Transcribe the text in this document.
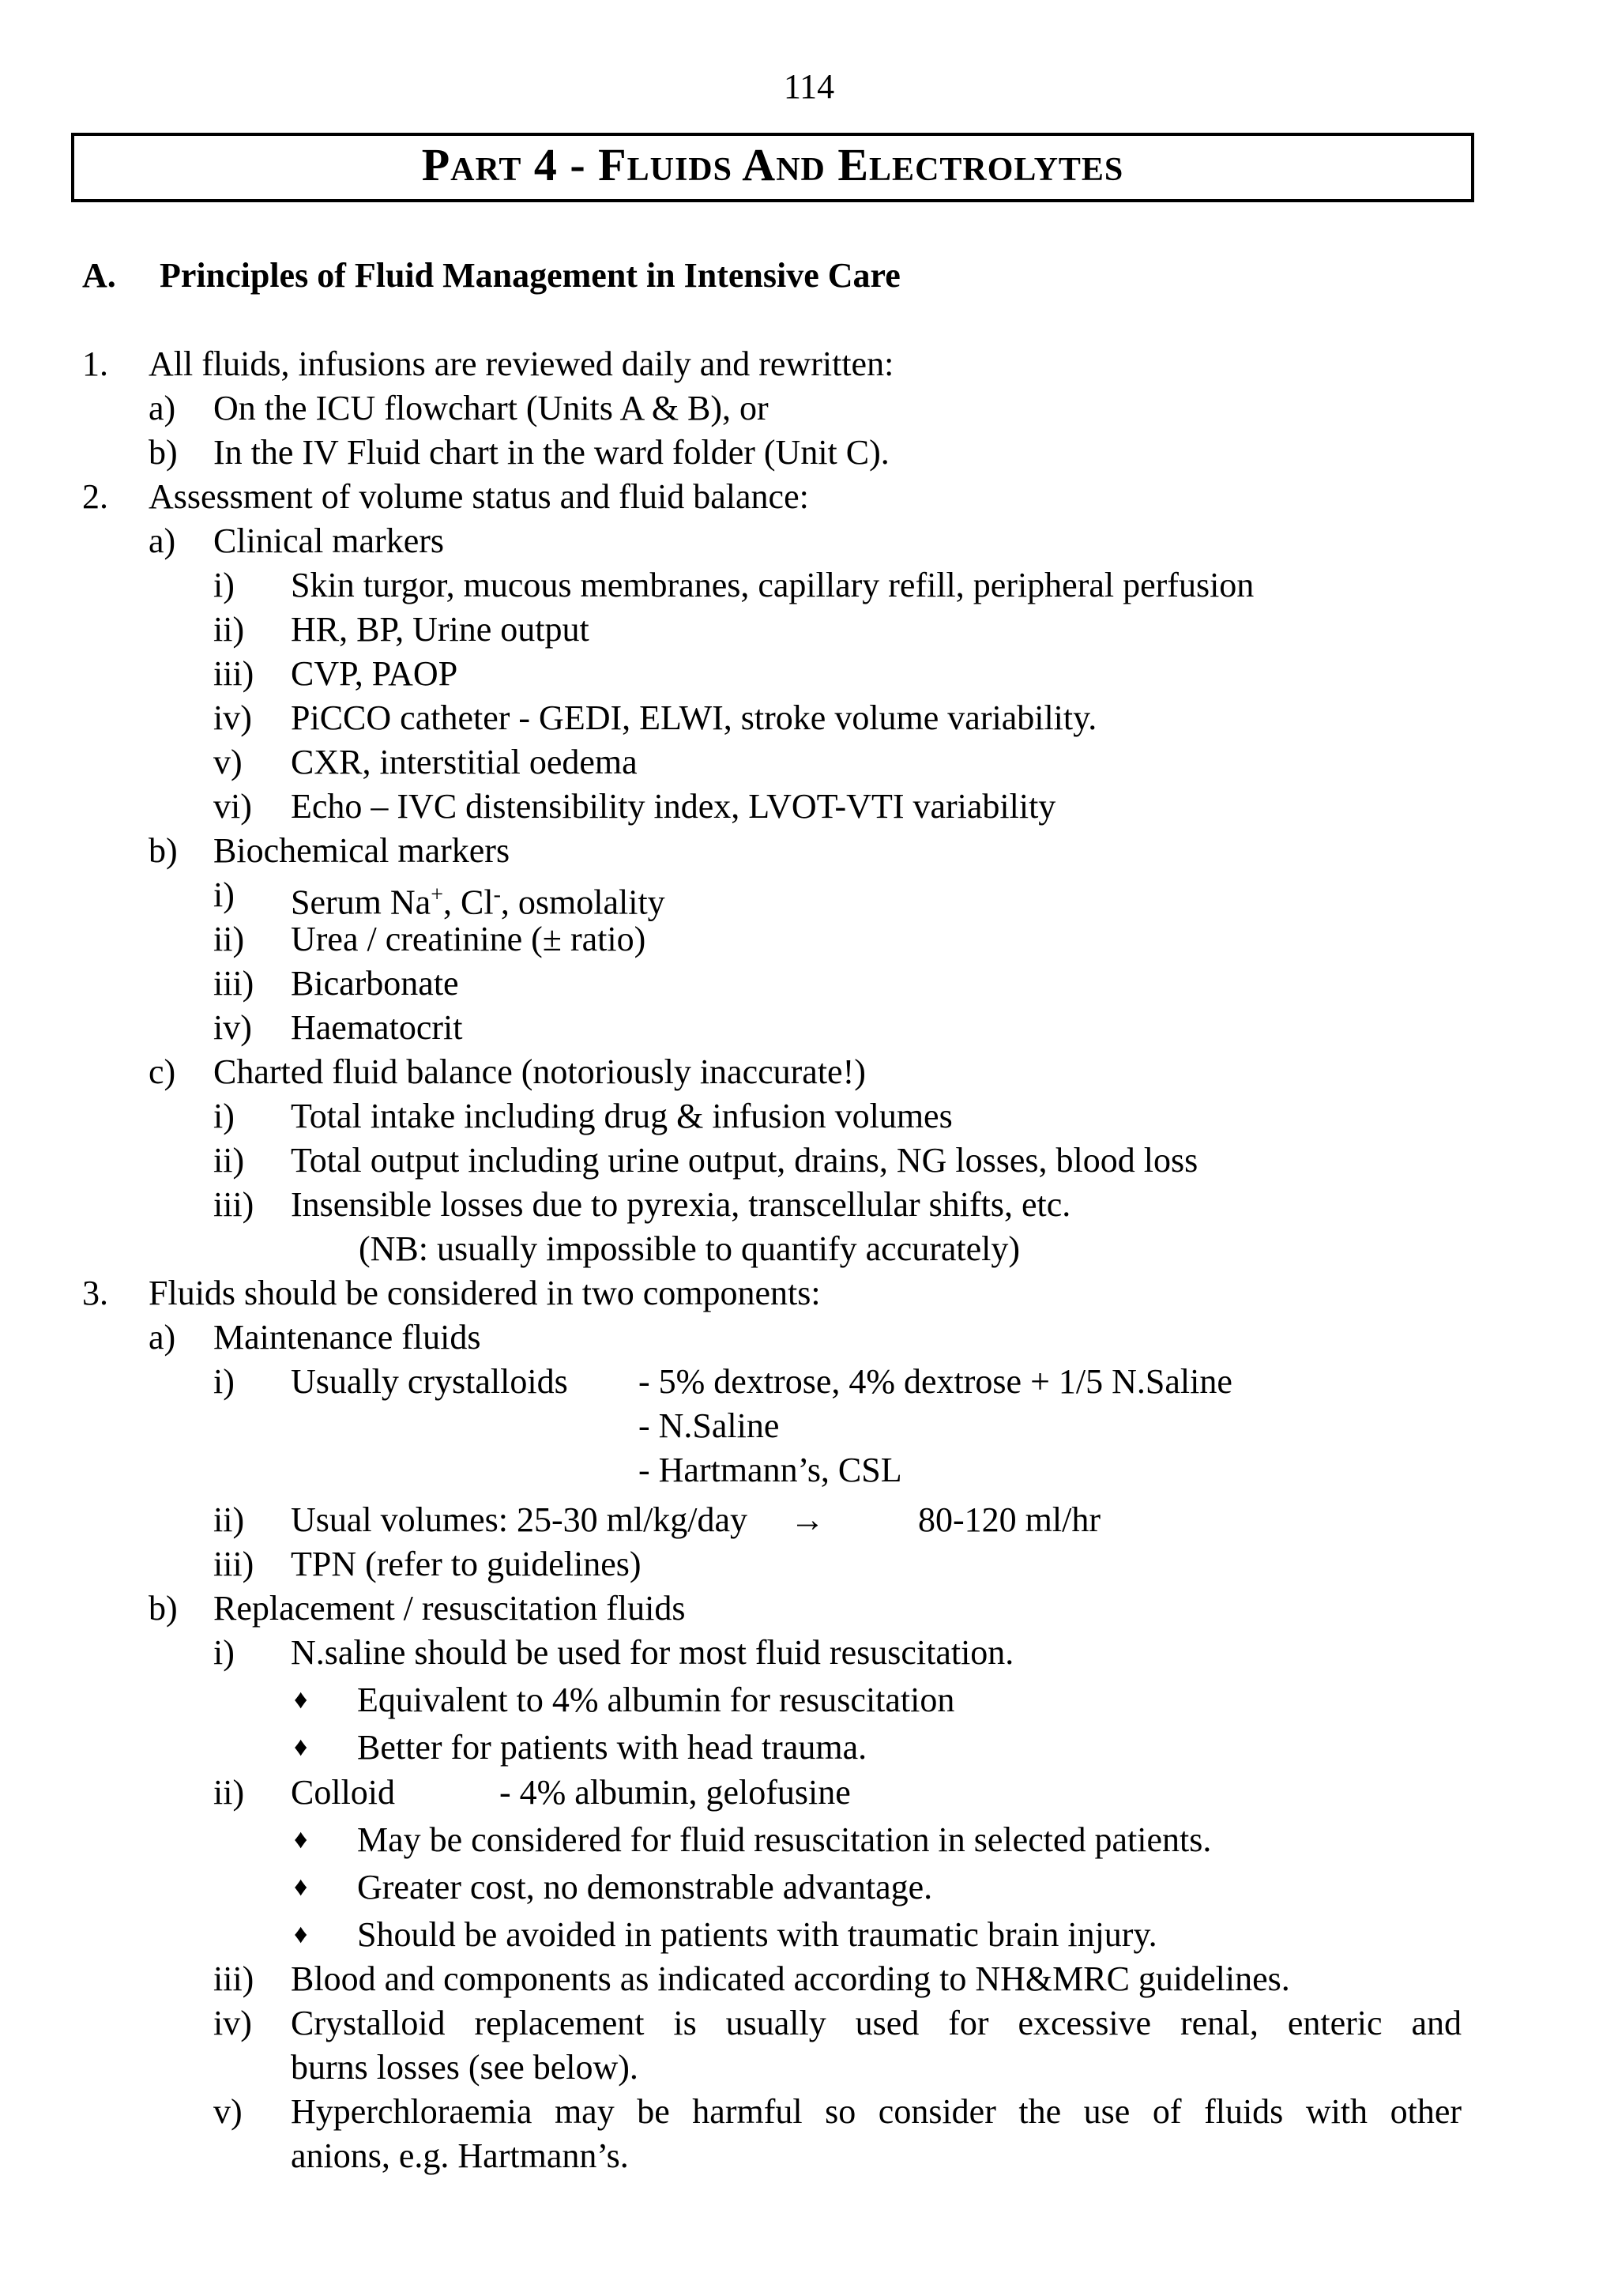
114
PART 4 - FLUIDS AND ELECTROLYTES
A. Principles of Fluid Management in Intensive Care
1. All fluids, infusions are reviewed daily and rewritten:
a) On the ICU flowchart (Units A & B), or
b) In the IV Fluid chart in the ward folder (Unit C).
2. Assessment of volume status and fluid balance:
a) Clinical markers
i) Skin turgor, mucous membranes, capillary refill, peripheral perfusion
ii) HR, BP, Urine output
iii) CVP, PAOP
iv) PiCCO catheter - GEDI, ELWI, stroke volume variability.
v) CXR, interstitial oedema
vi) Echo – IVC distensibility index, LVOT-VTI variability
b) Biochemical markers
i) Serum Na+, Cl-, osmolality
ii) Urea / creatinine (± ratio)
iii) Bicarbonate
iv) Haematocrit
c) Charted fluid balance (notoriously inaccurate!)
i) Total intake including drug & infusion volumes
ii) Total output including urine output, drains, NG losses, blood loss
iii) Insensible losses due to pyrexia, transcellular shifts, etc.
(NB: usually impossible to quantify accurately)
3. Fluids should be considered in two components:
a) Maintenance fluids
i) Usually crystalloids - 5% dextrose, 4% dextrose + 1/5 N.Saline
- N.Saline
- Hartmann’s, CSL
ii) Usual volumes: 25-30 ml/kg/day →	80-120 ml/hr
iii) TPN (refer to guidelines)
b) Replacement / resuscitation fluids
i) N.saline should be used for most fluid resuscitation.
♦ Equivalent to 4% albumin for resuscitation
♦ Better for patients with head trauma.
ii) Colloid	- 4% albumin, gelofusine
♦ May be considered for fluid resuscitation in selected patients.
♦ Greater cost, no demonstrable advantage.
♦ Should be avoided in patients with traumatic brain injury.
iii) Blood and components as indicated according to NH&MRC guidelines.
iv) Crystalloid replacement is usually used for excessive renal, enteric and
burns losses (see below).
v) Hyperchloraemia may be harmful so consider the use of fluids with other
anions, e.g. Hartmann’s.
